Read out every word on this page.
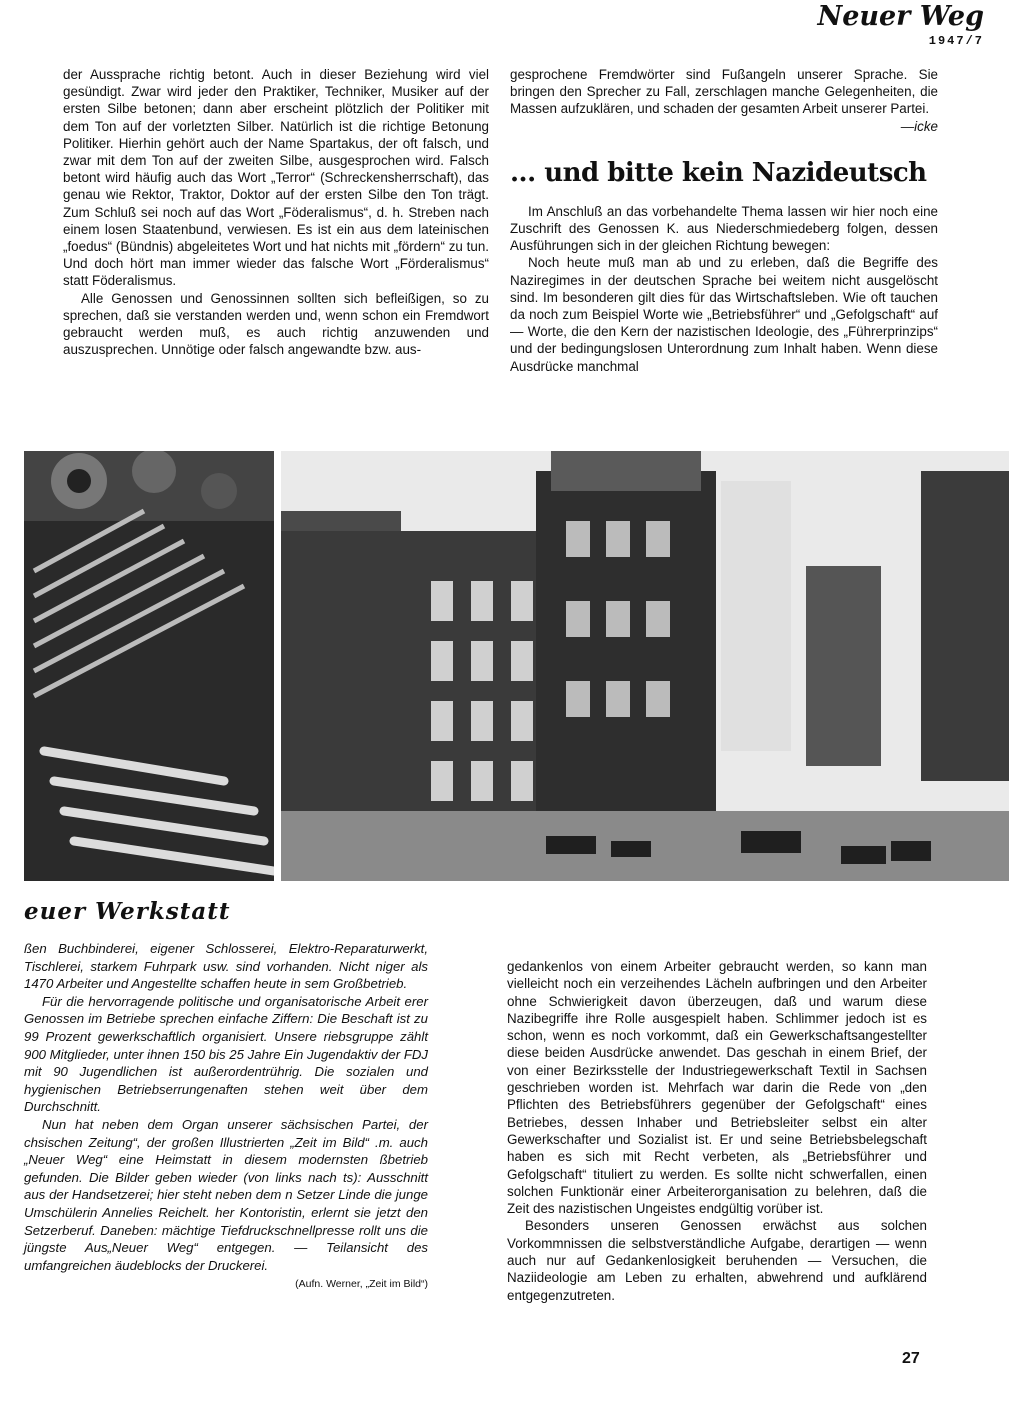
Neuer Weg
1947/7

der Aussprache richtig betont. Auch in dieser Beziehung wird viel gesündigt. Zwar wird jeder den Praktiker, Techniker, Musiker auf der ersten Silbe betonen; dann aber erscheint plötzlich der Politiker mit dem Ton auf der vorletzten Silber. Natürlich ist die richtige Betonung Politiker. Hierhin gehört auch der Name Spartakus, der oft falsch, und zwar mit dem Ton auf der zweiten Silbe, ausgesprochen wird. Falsch betont wird häufig auch das Wort „Terror“ (Schreckensherrschaft), das genau wie Rektor, Traktor, Doktor auf der ersten Silbe den Ton trägt. Zum Schluß sei noch auf das Wort „Föderalismus“, d. h. Streben nach einem losen Staatenbund, verwiesen. Es ist ein aus dem lateinischen „foedus“ (Bündnis) abgeleitetes Wort und hat nichts mit „fördern“ zu tun. Und doch hört man immer wieder das falsche Wort „Förderalismus“ statt Föderalismus.

Alle Genossen und Genossinnen sollten sich befleißigen, so zu sprechen, daß sie verstanden werden und, wenn schon ein Fremdwort gebraucht werden muß, es auch richtig anzuwenden und auszusprechen. Unnötige oder falsch angewandte bzw. aus-

gesprochene Fremdwörter sind Fußangeln unserer Sprache. Sie bringen den Sprecher zu Fall, zerschlagen manche Gelegenheiten, die Massen aufzuklären, und schaden der gesamten Arbeit unserer Partei.

—icke
... und bitte kein Nazideutsch

Im Anschluß an das vorbehandelte Thema lassen wir hier noch eine Zuschrift des Genossen K. aus Niederschmiedeberg folgen, dessen Ausführungen sich in der gleichen Richtung bewegen:

Noch heute muß man ab und zu erleben, daß die Begriffe des Naziregimes in der deutschen Sprache bei weitem nicht ausgelöscht sind. Im besonderen gilt dies für das Wirtschaftsleben. Wie oft tauchen da noch zum Beispiel Worte wie „Betriebsführer“ und „Gefolgschaft“ auf — Worte, die den Kern der nazistischen Ideologie, des „Führerprinzips“ und der bedingungslosen Unterordnung zum Inhalt haben. Wenn diese Ausdrücke manchmal

euer Werkstatt

ßen Buchbinderei, eigener Schlosserei, Elektro-Reparaturwerkt, Tischlerei, starkem Fuhrpark usw. sind vorhanden. Nicht niger als 1470 Arbeiter und Angestellte schaffen heute in sem Großbetrieb.

Für die hervorragende politische und organisatorische Arbeit erer Genossen im Betriebe sprechen einfache Ziffern: Die Beschaft ist zu 99 Prozent gewerkschaftlich organisiert. Unsere riebsgruppe zählt 900 Mitglieder, unter ihnen 150 bis 25 Jahre Ein Jugendaktiv der FDJ mit 90 Jugendlichen ist außerordentrührig. Die sozialen und hygienischen Betriebserrungenaften stehen weit über dem Durchschnitt.

Nun hat neben dem Organ unserer sächsischen Partei, der chsischen Zeitung“, der großen Illustrierten „Zeit im Bild“ .m. auch „Neuer Weg“ eine Heimstatt in diesem modernsten ßbetrieb gefunden. Die Bilder geben wieder (von links nach ts): Ausschnitt aus der Handsetzerei; hier steht neben dem n Setzer Linde die junge Umschülerin Annelies Reichelt. her Kontoristin, erlernt sie jetzt den Setzerberuf. Daneben: mächtige Tiefdruckschnellpresse rollt uns die jüngste Aus„Neuer Weg“ entgegen. — Teilansicht des umfangreichen äudeblocks der Druckerei.

(Aufn. Werner, „Zeit im Bild“)

gedankenlos von einem Arbeiter gebraucht werden, so kann man vielleicht noch ein verzeihendes Lächeln aufbringen und den Arbeiter ohne Schwierigkeit davon überzeugen, daß und warum diese Nazibegriffe ihre Rolle ausgespielt haben. Schlimmer jedoch ist es schon, wenn es noch vorkommt, daß ein Gewerkschaftsangestellter diese beiden Ausdrücke anwendet. Das geschah in einem Brief, der von einer Bezirksstelle der Industriegewerkschaft Textil in Sachsen geschrieben worden ist. Mehrfach war darin die Rede von „den Pflichten des Betriebsführers gegenüber der Gefolgschaft“ eines Betriebes, dessen Inhaber und Betriebsleiter selbst ein alter Gewerkschafter und Sozialist ist. Er und seine Betriebsbelegschaft haben es sich mit Recht verbeten, als „Betriebsführer und Gefolgschaft“ tituliert zu werden. Es sollte nicht schwerfallen, einen solchen Funktionär einer Arbeiterorganisation zu belehren, daß die Zeit des nazistischen Ungeistes endgültig vorüber ist.

Besonders unseren Genossen erwächst aus solchen Vorkommnissen die selbstverständliche Aufgabe, derartigen — wenn auch nur auf Gedankenlosigkeit beruhenden — Versuchen, die Naziideologie am Leben zu erhalten, abwehrend und aufklärend entgegenzutreten.

27
